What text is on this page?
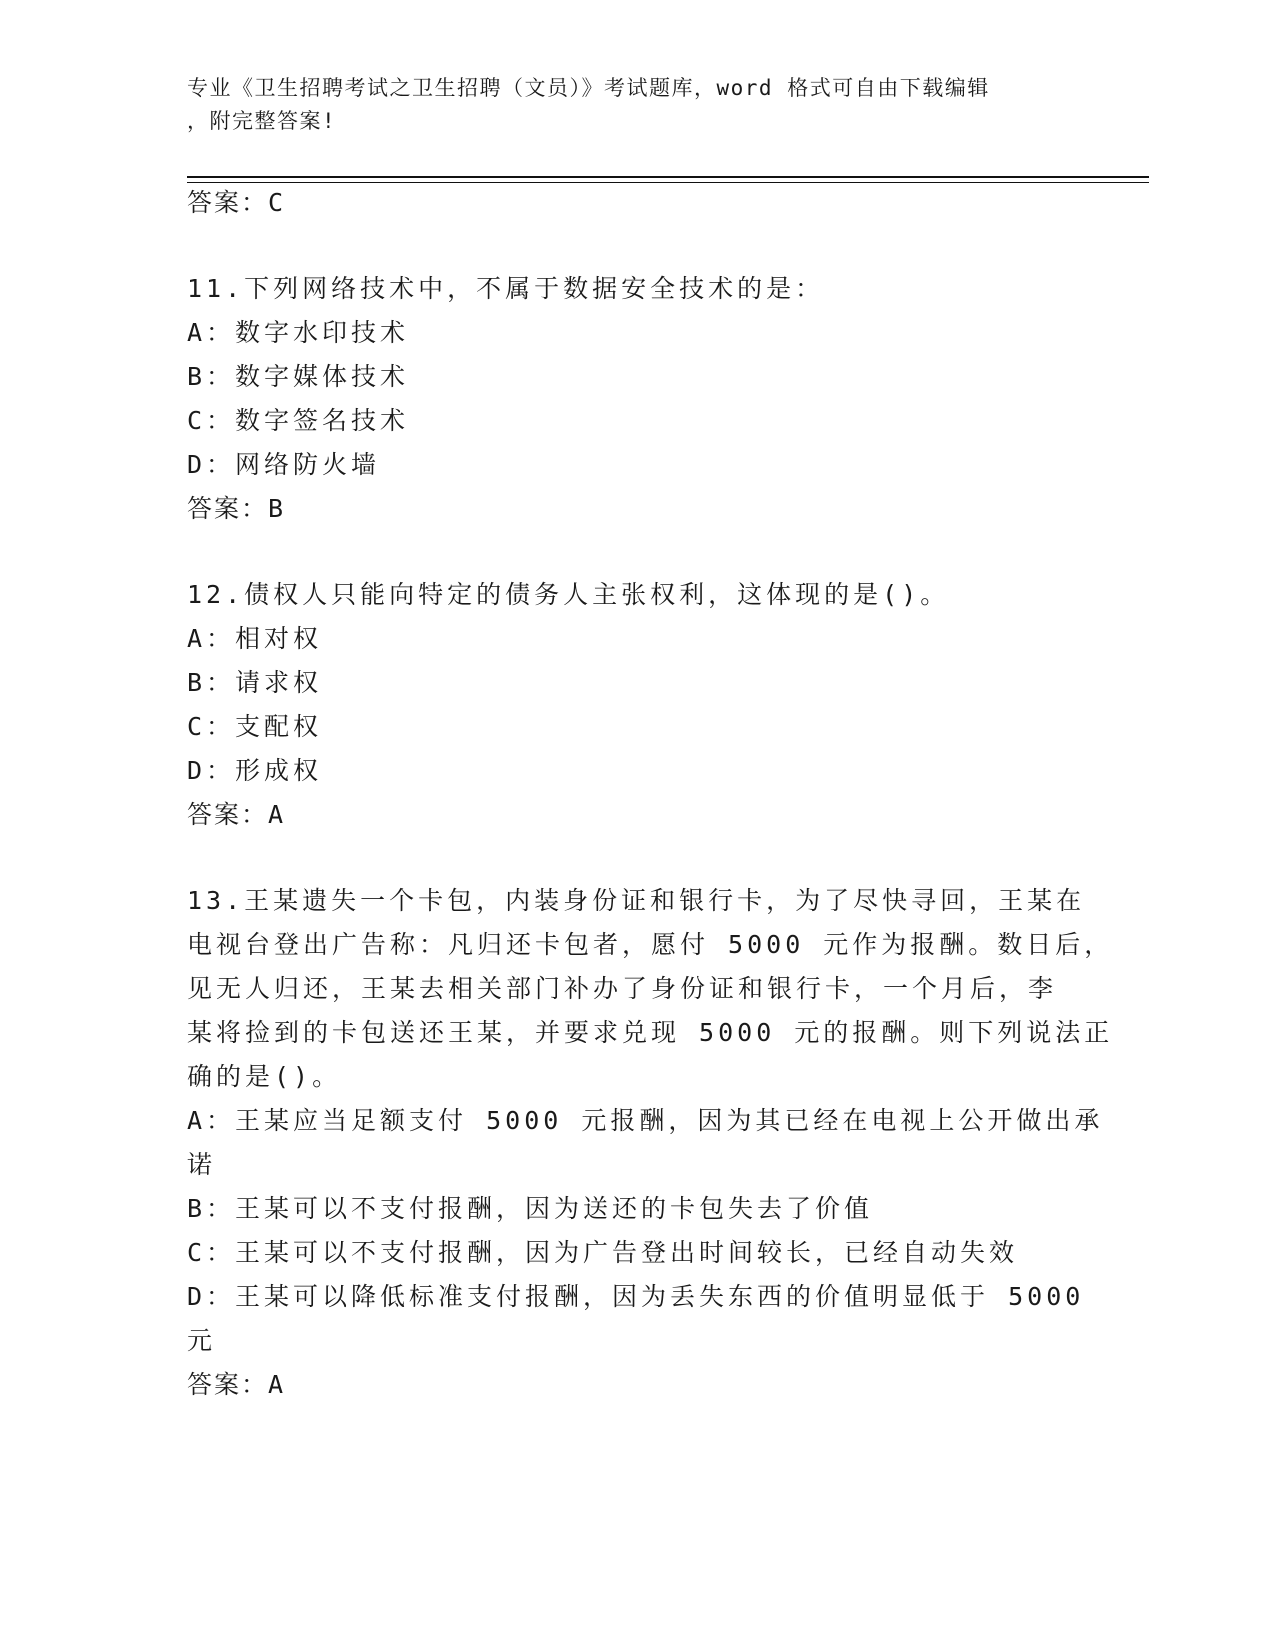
专业《卫生招聘考试之卫生招聘（文员）》考试题库，word 格式可自由下载编辑
，附完整答案!
答案：C
11.下列网络技术中，不属于数据安全技术的是：
A：数字水印技术
B：数字媒体技术
C：数字签名技术
D：网络防火墙
答案：B
12.债权人只能向特定的债务人主张权利，这体现的是()。
A：相对权
B：请求权
C：支配权
D：形成权
答案：A
13.王某遗失一个卡包，内装身份证和银行卡，为了尽快寻回，王某在
电视台登出广告称：凡归还卡包者，愿付 5000 元作为报酬。数日后，
见无人归还，王某去相关部门补办了身份证和银行卡，一个月后，李
某将捡到的卡包送还王某，并要求兑现 5000 元的报酬。则下列说法正
确的是()。
A：王某应当足额支付 5000 元报酬，因为其已经在电视上公开做出承
诺
B：王某可以不支付报酬，因为送还的卡包失去了价值
C：王某可以不支付报酬，因为广告登出时间较长，已经自动失效
D：王某可以降低标准支付报酬，因为丢失东西的价值明显低于 5000
元
答案：A
